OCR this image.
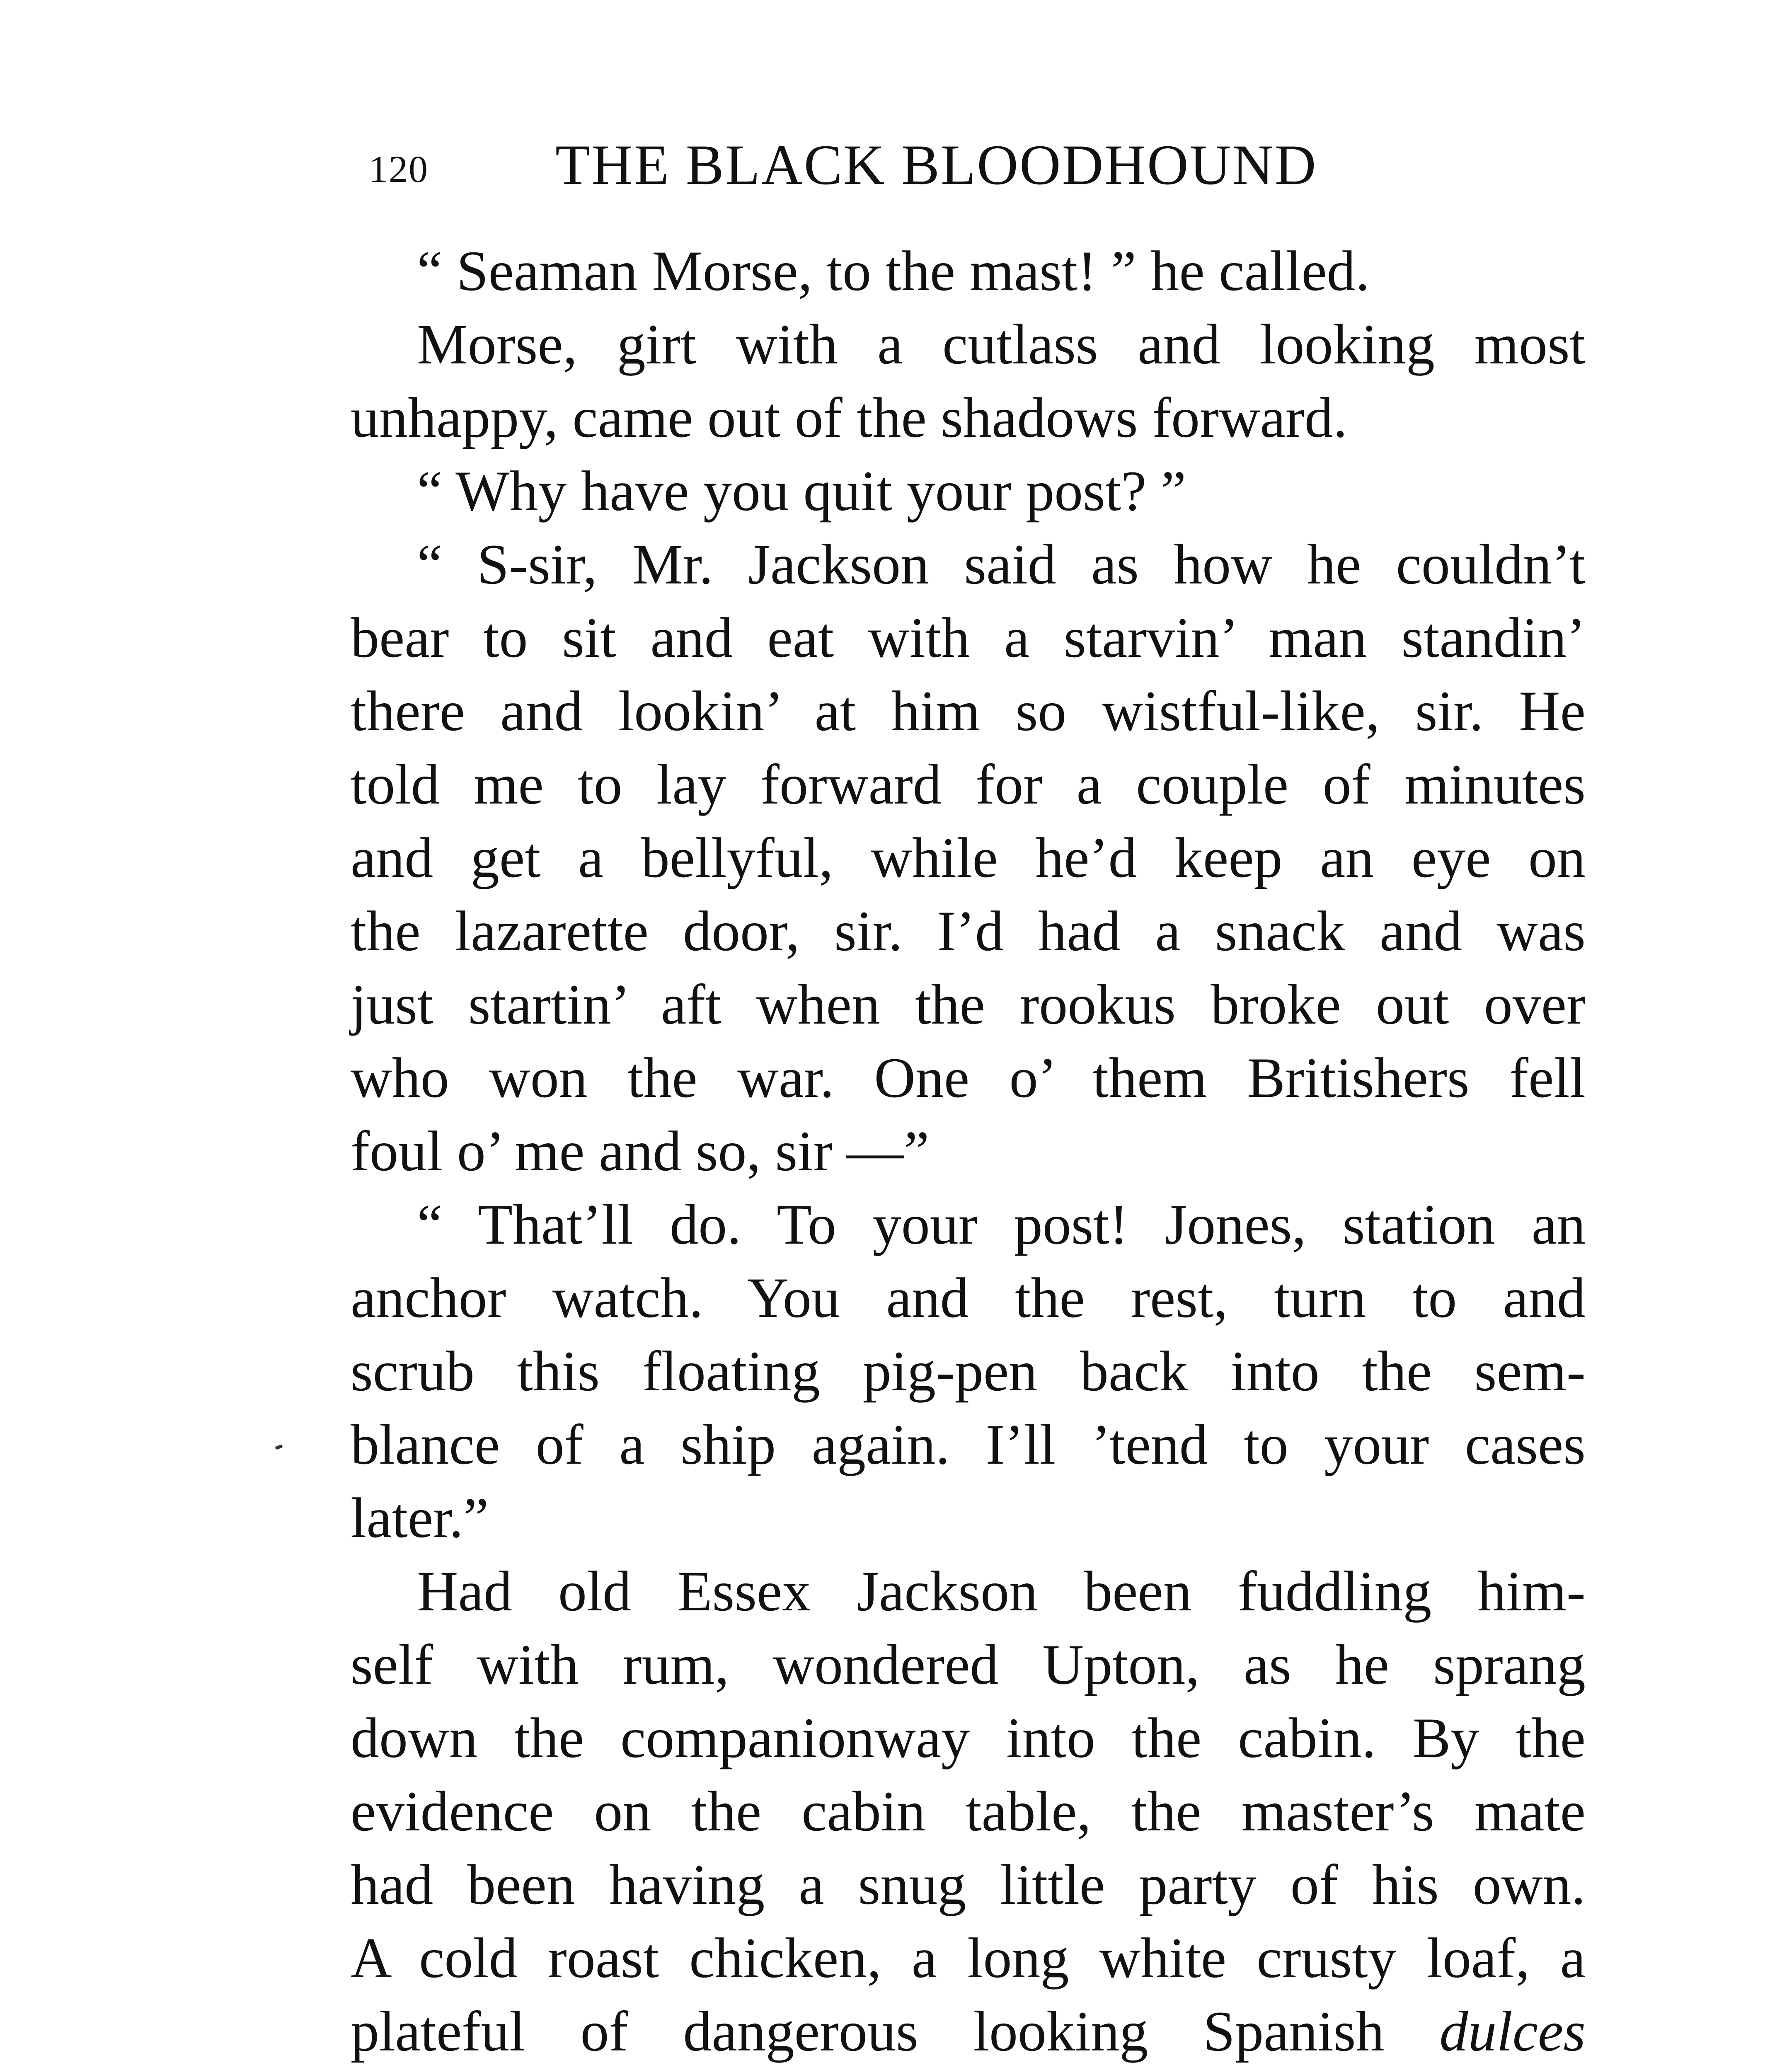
120 THE BLACK BLOODHOUND
“ Seaman Morse, to the mast! ” he called.
Morse, girt with a cutlass and looking most
unhappy, came out of the shadows forward.
“ Why have you quit your post? ”
“ S-sir, Mr. Jackson said as how he couldn’t
bear to sit and eat with a starvin’ man standin’
there and lookin’ at him so wistful-like, sir. He
told me to lay forward for a couple of minutes
and get a bellyful, while he’d keep an eye on
the lazarette door, sir. I’d had a snack and was
just startin’ aft when the rookus broke out over
who won the war. One o’ them Britishers fell
foul o’ me and so, sir —”
“ That’ll do. To your post! Jones, station an
anchor watch. You and the rest, turn to and
scrub this floating pig-pen back into the sem-
blance of a ship again. I’ll ’tend to your cases
later.”
Had old Essex Jackson been fuddling him-
self with rum, wondered Upton, as he sprang
down the companionway into the cabin. By the
evidence on the cabin table, the master’s mate
had been having a snug little party of his own.
A cold roast chicken, a long white crusty loaf, a
plateful of dangerous looking Spanish dulces
